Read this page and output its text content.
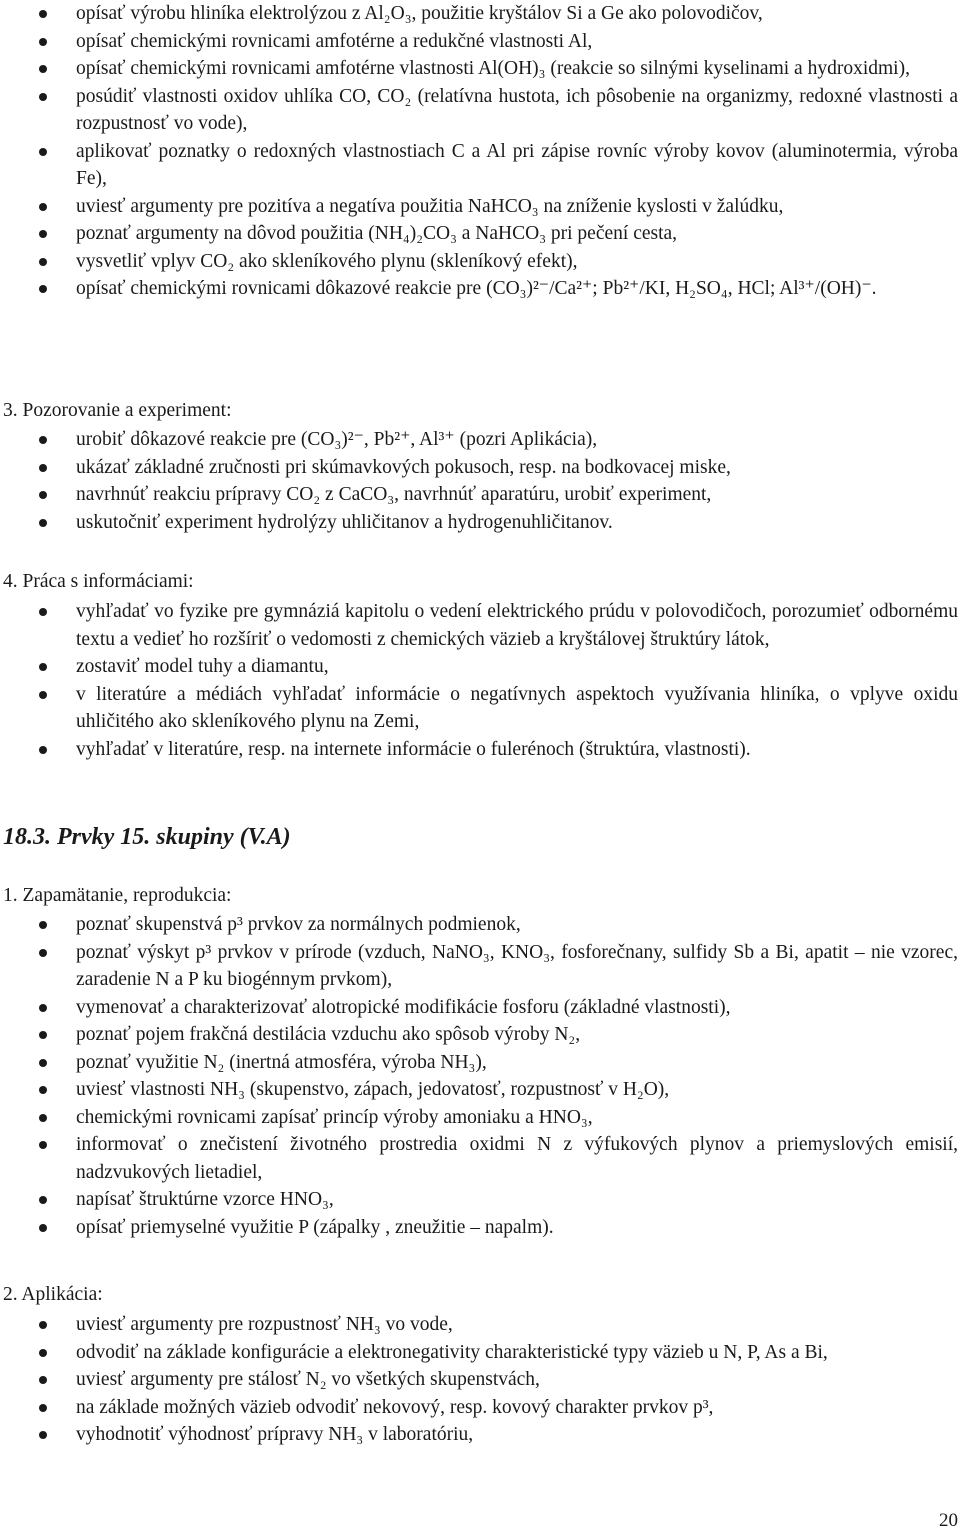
opísať výrobu hliníka elektrolýzou z Al₂O₃, použitie kryštálov Si a Ge ako polovodičov,
opísať chemickými rovnicami amfotérne a redukčné vlastnosti Al,
opísať chemickými rovnicami amfotérne vlastnosti Al(OH)₃ (reakcie so silnými kyselinami a hydroxidmi),
posúdiť vlastnosti oxidov uhlíka CO, CO₂ (relatívna hustota, ich pôsobenie na organizmy, redoxné vlastnosti a rozpustnosť vo vode),
aplikovať poznatky o redoxných vlastnostiach C a Al pri zápise rovníc výroby kovov (aluminotermia, výroba Fe),
uviesť argumenty pre pozitíva a negatíva použitia NaHCO₃ na zníženie kyslosti v žalúdku,
poznať argumenty na dôvod použitia (NH₄)₂CO₃ a NaHCO₃ pri pečení cesta,
vysvetliť vplyv CO₂ ako skleníkového plynu (skleníkový efekt),
opísať chemickými rovnicami dôkazové reakcie pre (CO₃)²⁻/Ca²⁺; Pb²⁺/KI, H₂SO₄, HCl; Al³⁺/(OH)⁻.
3. Pozorovanie a experiment:
urobiť dôkazové reakcie pre (CO₃)²⁻, Pb²⁺, Al³⁺ (pozri Aplikácia),
ukázať základné zručnosti pri skúmavkových pokusoch, resp. na bodkovacej miske,
navrhnúť reakciu prípravy CO₂ z CaCO₃, navrhnúť aparatúru, urobiť experiment,
uskutočniť experiment hydrolýzy uhličitanov a hydrogenuhličitanov.
4. Práca s informáciami:
vyhľadať vo fyzike pre gymnáziá kapitolu o vedení elektrického prúdu v polovodičoch, porozumieť odbornému textu a vedieť ho rozšíriť o vedomosti z chemických väzieb a kryštálovej štruktúry látok,
zostaviť model tuhy a diamantu,
v literatúre a médiách vyhľadať informácie o negatívnych aspektoch využívania hliníka, o vplyve oxidu uhličitého ako skleníkového plynu na Zemi,
vyhľadať v literatúre, resp. na internete informácie o fulerénoch (štruktúra, vlastnosti).
18.3. Prvky 15. skupiny (V.A)
1. Zapamätanie, reprodukcia:
poznať skupenstvá p³ prvkov za normálnych podmienok,
poznať výskyt p³ prvkov v prírode (vzduch, NaNO₃, KNO₃, fosforečnany, sulfidy Sb a Bi, apatit – nie vzorec, zaradenie N a P ku biogénnym prvkom),
vymenovať a charakterizovať alotropické modifikácie fosforu (základné vlastnosti),
poznať pojem frakčná destilácia vzduchu ako spôsob výroby N₂,
poznať využitie N₂ (inertná atmosféra, výroba NH₃),
uviesť vlastnosti NH₃ (skupenstvo, zápach, jedovatosť, rozpustnosť v H₂O),
chemickými rovnicami zapísať princíp výroby amoniaku a HNO₃,
informovať o znečistení životného prostredia oxidmi N z výfukových plynov a priemyslových emisií, nadzvukových lietadiel,
napísať štruktúrne vzorce HNO₃,
opísať priemyselné využitie P (zápalky , zneužitie – napalm).
2. Aplikácia:
uviesť argumenty pre rozpustnosť NH₃ vo vode,
odvodiť na základe konfigurácie a elektronegativity charakteristické typy väzieb u N, P, As a Bi,
uviesť argumenty pre stálosť N₂ vo všetkých skupenstvách,
na základe možných väzieb odvodiť nekovový, resp. kovový charakter prvkov p³,
vyhodnotiť výhodnosť prípravy NH₃ v laboratóriu,
20
